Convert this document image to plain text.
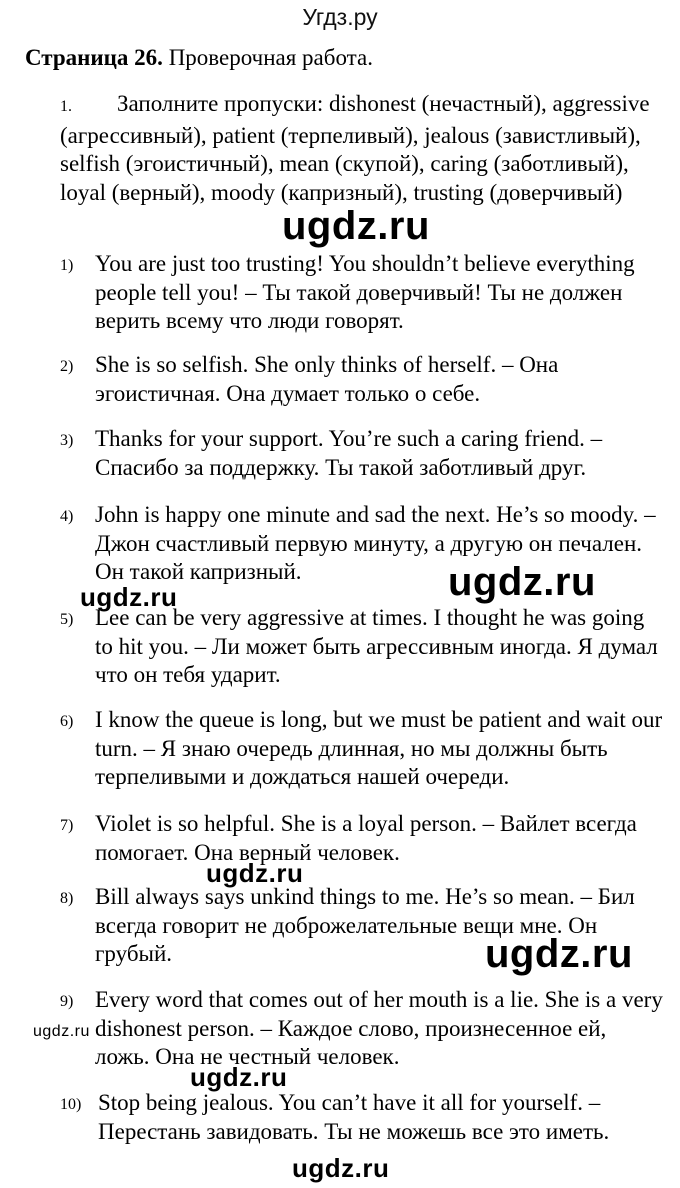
Угдз.ру
Страница 26. Проверочная работа.
1. Заполните пропуски: dishonest (нечастный), aggressive (агрессивный), patient (терпеливый), jealous (завистливый), selfish (эгоистичный), mean (скупой), caring (заботливый), loyal (верный), moody (капризный), trusting (доверчивый)
1) You are just too trusting! You shouldn’t believe everything people tell you! – Ты такой доверчивый! Ты не должен верить всему что люди говорят.
2) She is so selfish. She only thinks of herself. – Она эгоистичная. Она думает только о себе.
3) Thanks for your support. You’re such a caring friend. – Спасибо за поддержку. Ты такой заботливый друг.
4) John is happy one minute and sad the next. He’s so moody. – Джон счастливый первую минуту, а другую он печален. Он такой капризный.
5) Lee can be very aggressive at times. I thought he was going to hit you. – Ли может быть агрессивным иногда. Я думал что он тебя ударит.
6) I know the queue is long, but we must be patient and wait our turn. – Я знаю очередь длинная, но мы должны быть терпеливыми и дождаться нашей очереди.
7) Violet is so helpful. She is a loyal person. – Вайлет всегда помогает. Она верный человек.
8) Bill always says unkind things to me. He’s so mean. – Бил всегда говорит не доброжелательные вещи мне. Он грубый.
9) Every word that comes out of her mouth is a lie. She is a very dishonest person. – Каждое слово, произнесенное ей, ложь. Она не честный человек.
10) Stop being jealous. You can’t have it all for yourself. – Перестань завидовать. Ты не можешь все это иметь.
ugdz.ru
ugdz.ru
ugdz.ru
ugdz.ru
ugdz.ru
ugdz.ru
ugdz.ru
ugdz.ru
